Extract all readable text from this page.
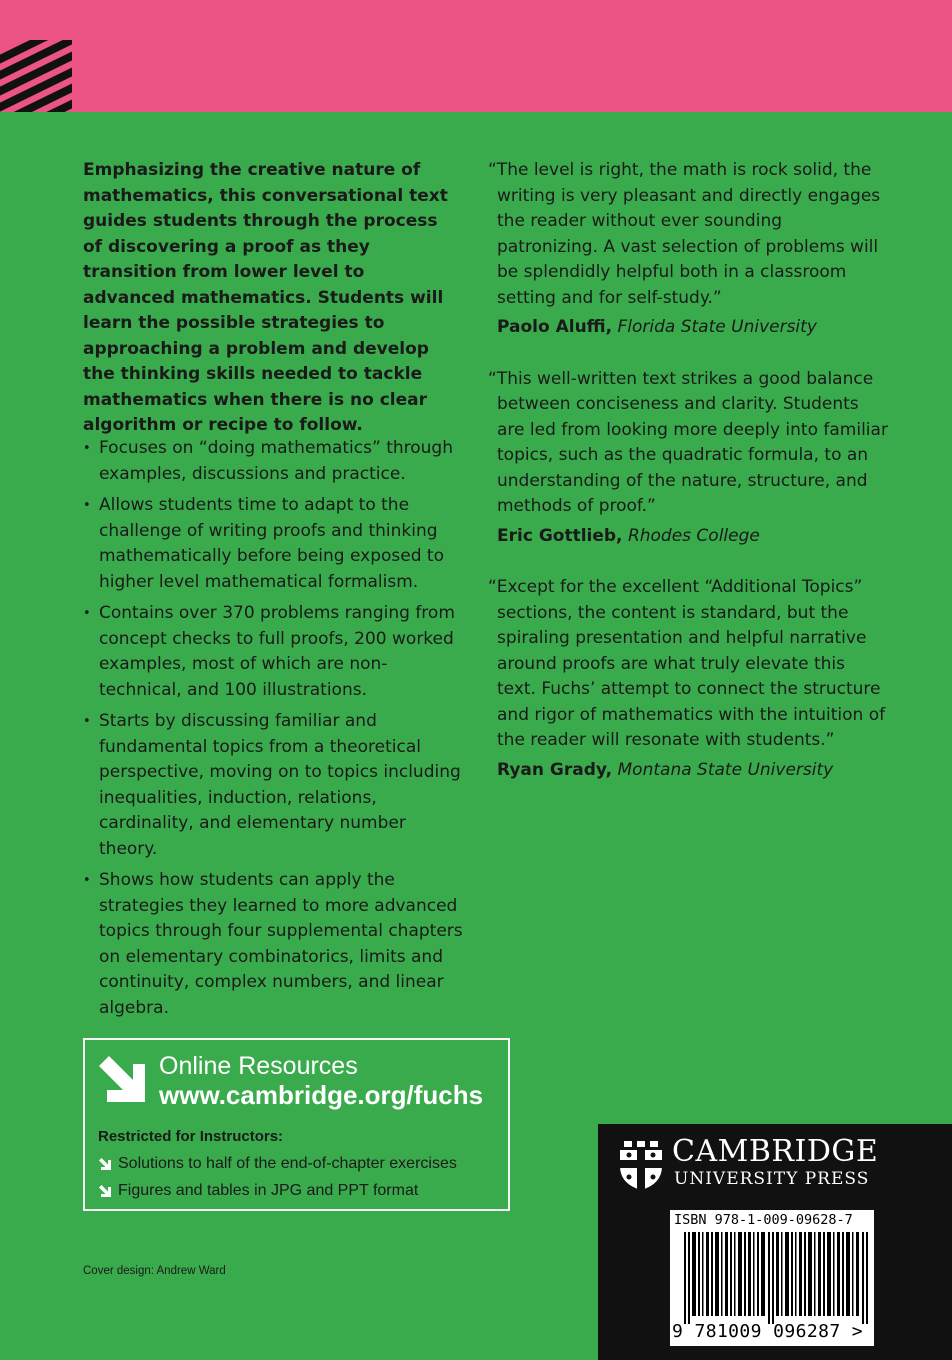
Emphasizing the creative nature of mathematics, this conversational text guides students through the process of discovering a proof as they transition from lower level to advanced mathematics. Students will learn the possible strategies to approaching a problem and develop the thinking skills needed to tackle mathematics when there is no clear algorithm or recipe to follow.

• Focuses on “doing mathematics” through examples, discussions and practice.
• Allows students time to adapt to the challenge of writing proofs and thinking mathematically before being exposed to higher level mathematical formalism.
• Contains over 370 problems ranging from concept checks to full proofs, 200 worked examples, most of which are non-technical, and 100 illustrations.
• Starts by discussing familiar and fundamental topics from a theoretical perspective, moving on to topics including inequalities, induction, relations, cardinality, and elementary number theory.
• Shows how students can apply the strategies they learned to more advanced topics through four supplemental chapters on elementary combinatorics, limits and continuity, complex numbers, and linear algebra.

“The level is right, the math is rock solid, the writing is very pleasant and directly engages the reader without ever sounding patronizing. A vast selection of problems will be splendidly helpful both in a classroom setting and for self-study.”

Paolo Aluffi, Florida State University

“This well-written text strikes a good balance between conciseness and clarity. Students are led from looking more deeply into familiar topics, such as the quadratic formula, to an understanding of the nature, structure, and methods of proof.”

Eric Gottlieb, Rhodes College

“Except for the excellent “Additional Topics” sections, the content is standard, but the spiraling presentation and helpful narrative around proofs are what truly elevate this text. Fuchs’ attempt to connect the structure and rigor of mathematics with the intuition of the reader will resonate with students.”

Ryan Grady, Montana State University

Online Resources
www.cambridge.org/fuchs
Restricted for Instructors:
Solutions to half of the end-of-chapter exercises
Figures and tables in JPG and PPT format
Cover design: Andrew Ward
CAMBRIDGE
UNIVERSITY PRESS
ISBN 978-1-009-09628-7
9 781009 096287 >
